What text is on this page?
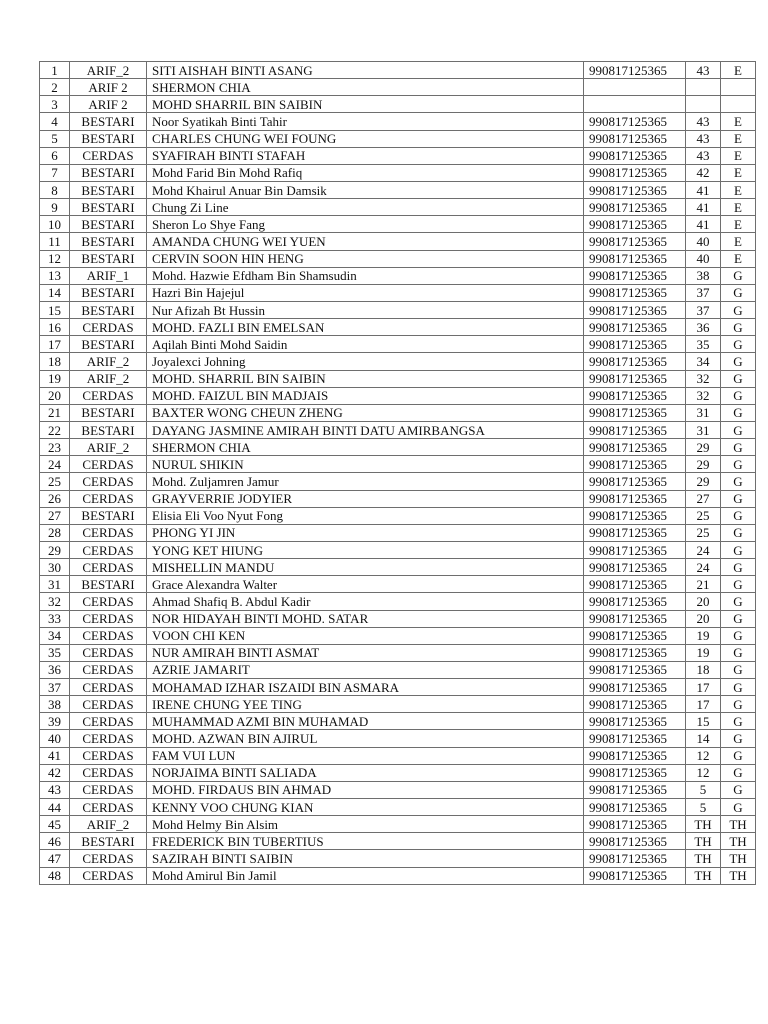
1	ARIF_2	SITI AISHAH BINTI ASANG	990817125365	43	E
2	ARIF 2	SHERMON CHIA			
3	ARIF 2	MOHD SHARRIL BIN SAIBIN			
4	BESTARI	Noor Syatikah Binti Tahir	990817125365	43	E
5	BESTARI	CHARLES CHUNG WEI FOUNG	990817125365	43	E
6	CERDAS	SYAFIRAH BINTI STAFAH	990817125365	43	E
7	BESTARI	Mohd Farid Bin Mohd Rafiq	990817125365	42	E
8	BESTARI	Mohd Khairul Anuar Bin Damsik	990817125365	41	E
9	BESTARI	Chung Zi Line	990817125365	41	E
10	BESTARI	Sheron Lo Shye Fang	990817125365	41	E
11	BESTARI	AMANDA CHUNG WEI YUEN	990817125365	40	E
12	BESTARI	CERVIN SOON HIN HENG	990817125365	40	E
13	ARIF_1	Mohd. Hazwie Efdham Bin Shamsudin	990817125365	38	G
14	BESTARI	Hazri Bin Hajejul	990817125365	37	G
15	BESTARI	Nur Afizah Bt Hussin	990817125365	37	G
16	CERDAS	MOHD. FAZLI BIN EMELSAN	990817125365	36	G
17	BESTARI	Aqilah Binti Mohd Saidin	990817125365	35	G
18	ARIF_2	Joyalexci Johning	990817125365	34	G
19	ARIF_2	MOHD. SHARRIL BIN SAIBIN	990817125365	32	G
20	CERDAS	MOHD. FAIZUL BIN MADJAIS	990817125365	32	G
21	BESTARI	BAXTER WONG CHEUN ZHENG	990817125365	31	G
22	BESTARI	DAYANG JASMINE AMIRAH BINTI DATU AMIRBANGSA	990817125365	31	G
23	ARIF_2	SHERMON CHIA	990817125365	29	G
24	CERDAS	NURUL SHIKIN	990817125365	29	G
25	CERDAS	Mohd. Zuljamren Jamur	990817125365	29	G
26	CERDAS	GRAYVERRIE JODYIER	990817125365	27	G
27	BESTARI	Elisia Eli Voo Nyut Fong	990817125365	25	G
28	CERDAS	PHONG YI JIN	990817125365	25	G
29	CERDAS	YONG KET HIUNG	990817125365	24	G
30	CERDAS	MISHELLIN MANDU	990817125365	24	G
31	BESTARI	Grace Alexandra Walter	990817125365	21	G
32	CERDAS	Ahmad Shafiq B. Abdul Kadir	990817125365	20	G
33	CERDAS	NOR HIDAYAH BINTI MOHD. SATAR	990817125365	20	G
34	CERDAS	VOON CHI KEN	990817125365	19	G
35	CERDAS	NUR AMIRAH BINTI ASMAT	990817125365	19	G
36	CERDAS	AZRIE JAMARIT	990817125365	18	G
37	CERDAS	MOHAMAD IZHAR ISZAIDI BIN ASMARA	990817125365	17	G
38	CERDAS	IRENE CHUNG YEE TING	990817125365	17	G
39	CERDAS	MUHAMMAD AZMI BIN MUHAMAD	990817125365	15	G
40	CERDAS	MOHD. AZWAN BIN AJIRUL	990817125365	14	G
41	CERDAS	FAM VUI LUN	990817125365	12	G
42	CERDAS	NORJAIMA BINTI SALIADA	990817125365	12	G
43	CERDAS	MOHD. FIRDAUS BIN AHMAD	990817125365	5	G
44	CERDAS	KENNY VOO CHUNG KIAN	990817125365	5	G
45	ARIF_2	Mohd Helmy Bin Alsim	990817125365	TH	TH
46	BESTARI	FREDERICK BIN TUBERTIUS	990817125365	TH	TH
47	CERDAS	SAZIRAH BINTI SAIBIN	990817125365	TH	TH
48	CERDAS	Mohd Amirul Bin Jamil	990817125365	TH	TH
